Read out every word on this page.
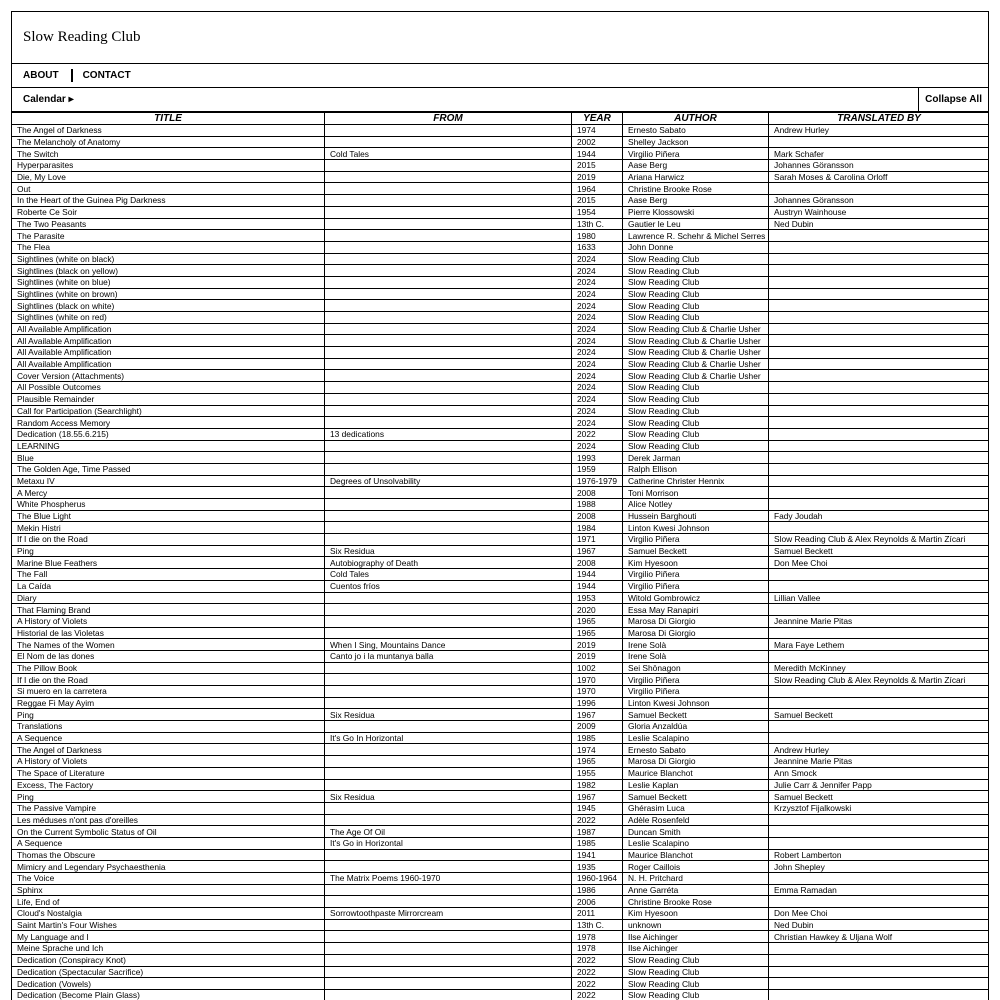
Slow Reading Club
ABOUT CONTACT
Calendar ▸	Collapse All
TITLE	FROM	YEAR	AUTHOR	TRANSLATED BY
The Angel of Darkness		1974	Ernesto Sabato	Andrew Hurley
The Melancholy of Anatomy		2002	Shelley Jackson	
The Switch	Cold Tales	1944	Virgilio Piñera	Mark Schafer
Hyperparasites		2015	Aase Berg	Johannes Göransson
Die, My Love		2019	Ariana Harwicz	Sarah Moses & Carolina Orloff
Out		1964	Christine Brooke Rose	
In the Heart of the Guinea Pig Darkness		2015	Aase Berg	Johannes Göransson
Roberte Ce Soir		1954	Pierre Klossowski	Austryn Wainhouse
The Two Peasants		13th C.	Gautier le Leu	Ned Dubin
The Parasite		1980	Lawrence R. Schehr & Michel Serres	
The Flea		1633	John Donne	
Sightlines (white on black)		2024	Slow Reading Club	
Sightlines (black on yellow)		2024	Slow Reading Club	
Sightlines (white on blue)		2024	Slow Reading Club	
Sightlines (white on brown)		2024	Slow Reading Club	
Sightlines (black on white)		2024	Slow Reading Club	
Sightlines (white on red)		2024	Slow Reading Club	
All Available Amplification		2024	Slow Reading Club & Charlie Usher	
All Available Amplification		2024	Slow Reading Club & Charlie Usher	
All Available Amplification		2024	Slow Reading Club & Charlie Usher	
All Available Amplification		2024	Slow Reading Club & Charlie Usher	
Cover Version (Attachments)		2024	Slow Reading Club & Charlie Usher	
All Possible Outcomes		2024	Slow Reading Club	
Plausible Remainder		2024	Slow Reading Club	
Call for Participation (Searchlight)		2024	Slow Reading Club	
Random Access Memory		2024	Slow Reading Club	
Dedication (18.55.6.215)	13 dedications	2022	Slow Reading Club	
LEARNING		2024	Slow Reading Club	
Blue		1993	Derek Jarman	
The Golden Age, Time Passed		1959	Ralph Ellison	
Metaxu IV	Degrees of Unsolvability	1976-1979	Catherine Christer Hennix	
A Mercy		2008	Toni Morrison	
White Phospherus		1988	Alice Notley	
The Blue Light		2008	Hussein Barghouti	Fady Joudah
Mekin Histri		1984	Linton Kwesi Johnson	
If I die on the Road		1971	Virgilio Piñera	Slow Reading Club & Alex Reynolds & Martin Zícari
Ping	Six Residua	1967	Samuel Beckett	Samuel Beckett
Marine Blue Feathers	Autobiography of Death	2008	Kim Hyesoon	Don Mee Choi
The Fall	Cold Tales	1944	Virgilio Piñera	
La Caída	Cuentos fríos	1944	Virgilio Piñera	
Diary		1953	Witold Gombrowicz	Lillian Vallee
That Flaming Brand		2020	Essa May Ranapiri	
A History of Violets		1965	Marosa Di Giorgio	Jeannine Marie Pitas
Historial de las Violetas		1965	Marosa Di Giorgio	
The Names of the Women	When I Sing, Mountains Dance	2019	Irene Solà	Mara Faye Lethem
El Nom de las dones	Canto jo i la muntanya balla	2019	Irene Solà	
The Pillow Book		1002	Sei Shōnagon	Meredith McKinney
If I die on the Road		1970	Virgilio Piñera	Slow Reading Club & Alex Reynolds & Martin Zícari
Si muero en la carretera		1970	Virgilio Piñera	
Reggae Fi May Ayim		1996	Linton Kwesi Johnson	
Ping	Six Residua	1967	Samuel Beckett	Samuel Beckett
Translations		2009	Gloria Anzaldúa	
A Sequence	It's Go In Horizontal	1985	Leslie Scalapino	
The Angel of Darkness		1974	Ernesto Sabato	Andrew Hurley
A History of Violets		1965	Marosa Di Giorgio	Jeannine Marie Pitas
The Space of Literature		1955	Maurice Blanchot	Ann Smock
Excess, The Factory		1982	Leslie Kaplan	Julie Carr & Jennifer Papp
Ping	Six Residua	1967	Samuel Beckett	Samuel Beckett
The Passive Vampire		1945	Ghérasim Luca	Krzysztof Fijalkowski
Les méduses n'ont pas d'oreilles		2022	Adèle Rosenfeld	
On the Current Symbolic Status of Oil	The Age Of Oil	1987	Duncan Smith	
A Sequence	It's Go in Horizontal	1985	Leslie Scalapino	
Thomas the Obscure		1941	Maurice Blanchot	Robert Lamberton
Mimicry and Legendary Psychaesthenia		1935	Roger Caillois	John Shepley
The Voice	The Matrix Poems 1960-1970	1960-1964	N. H. Pritchard	
Sphinx		1986	Anne Garréta	Emma Ramadan
Life, End of		2006	Christine Brooke Rose	
Cloud's Nostalgia	Sorrowtoothpaste Mirrorcream	2011	Kim Hyesoon	Don Mee Choi
Saint Martin's Four Wishes		13th C.	unknown	Ned Dubin
My Language and I		1978	Ilse Aichinger	Christian Hawkey & Uljana Wolf
Meine Sprache und Ich		1978	Ilse Aichinger	
Dedication (Conspiracy Knot)		2022	Slow Reading Club	
Dedication (Spectacular Sacrifice)		2022	Slow Reading Club	
Dedication (Vowels)		2022	Slow Reading Club	
Dedication (Become Plain Glass)		2022	Slow Reading Club	
